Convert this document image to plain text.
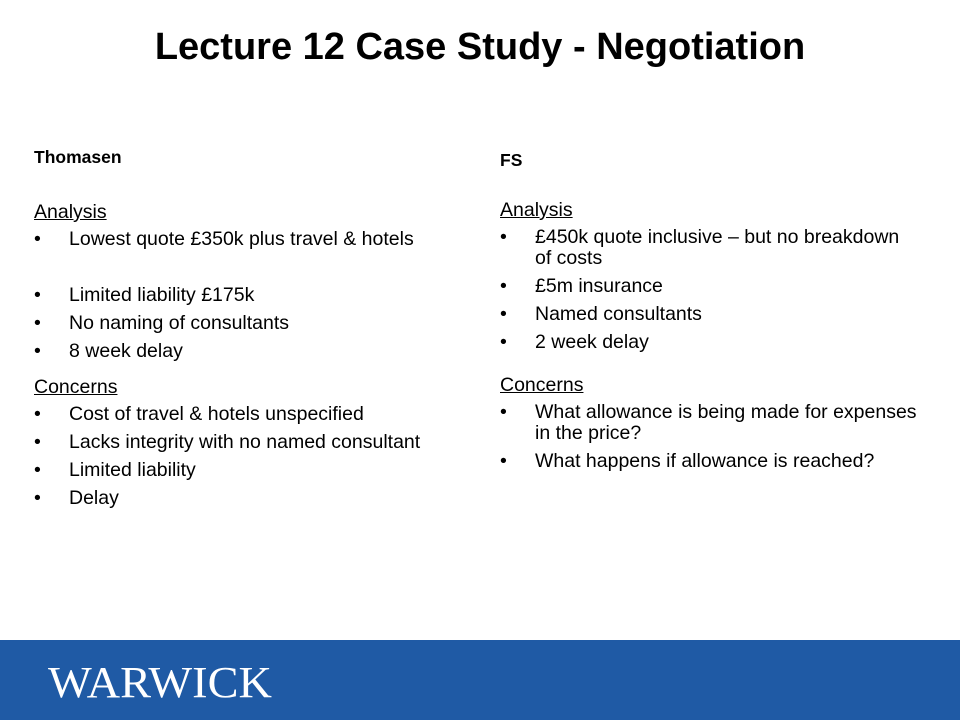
Lecture 12 Case Study - Negotiation

Thomasen

Analysis

• Lowest quote £350k plus travel & hotels
• Limited liability £175k
• No naming of consultants
• 8 week delay

Concerns

• Cost of travel & hotels unspecified
• Lacks integrity with no named consultant
• Limited liability
• Delay

FS

Analysis

• £450k quote inclusive – but no breakdown of costs
• £5m insurance
• Named consultants
• 2 week delay

Concerns

• What allowance is being made for expenses in the price?
• What happens if allowance is reached?
WARWICK
